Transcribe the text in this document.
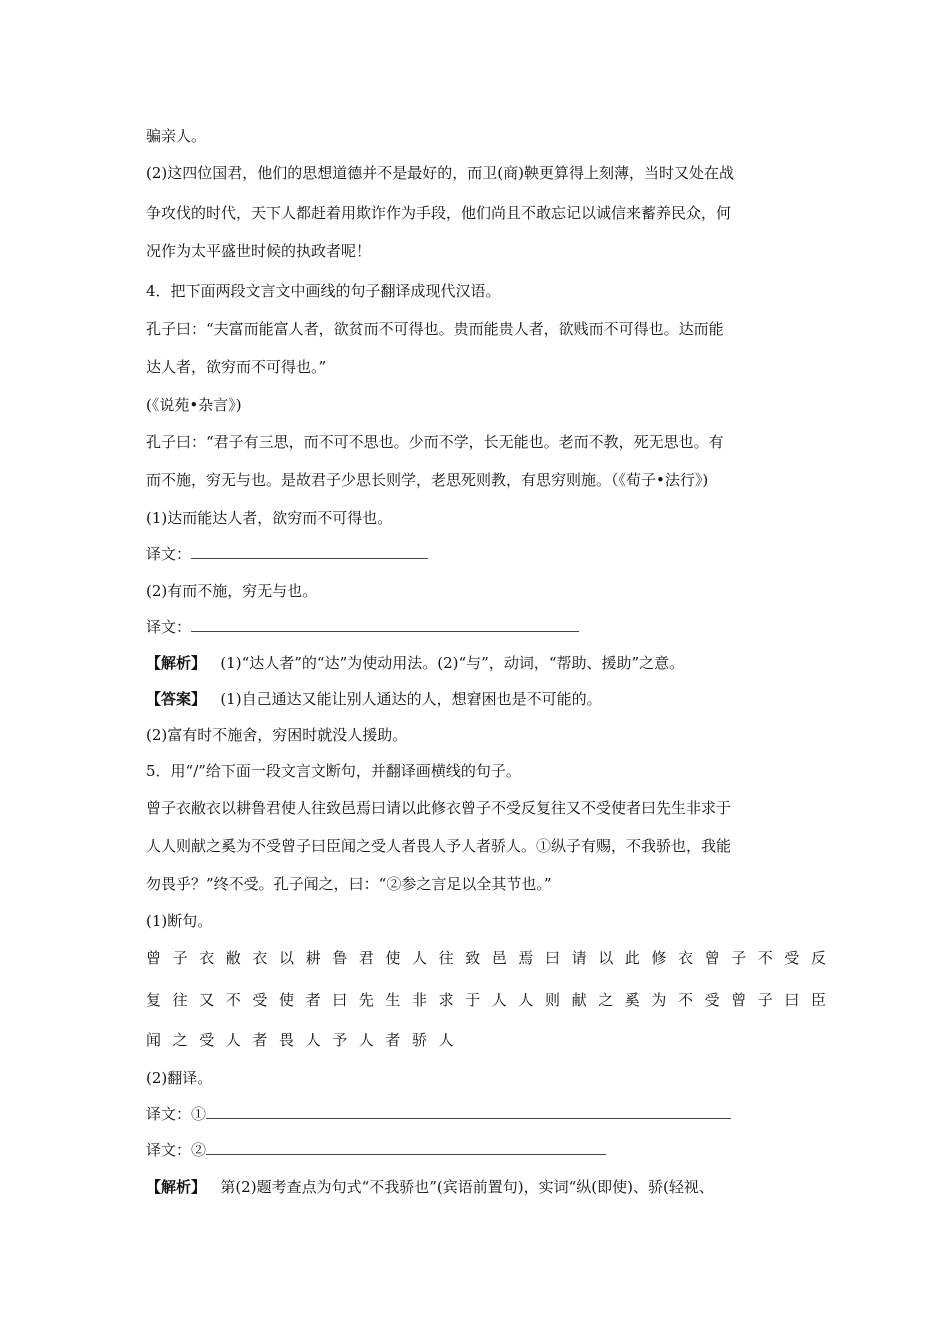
骗亲人。
(2)这四位国君，他们的思想道德并不是最好的，而卫(商)鞅更算得上刻薄，当时又处在战
争攻伐的时代，天下人都赶着用欺诈作为手段，他们尚且不敢忘记以诚信来蓄养民众，何
况作为太平盛世时候的执政者呢！
4．把下面两段文言文中画线的句子翻译成现代汉语。
孔子曰：“夫富而能富人者，欲贫而不可得也。贵而能贵人者，欲贱而不可得也。达而能
达人者，欲穷而不可得也。”
(《说苑•杂言》)
孔子曰：“君子有三思，而不可不思也。少而不学，长无能也。老而不教，死无思也。有
而不施，穷无与也。是故君子少思长则学，老思死则教，有思穷则施。（《荀子•法行》)
(1)达而能达人者，欲穷而不可得也。
译文：
(2)有而不施，穷无与也。
译文：
【解析】 (1)“达人者”的“达”为使动用法。(2)“与”，动词，“帮助、援助”之意。
【答案】 (1)自己通达又能让别人通达的人，想窘困也是不可能的。
(2)富有时不施舍，穷困时就没人援助。
5．用“/”给下面一段文言文断句，并翻译画横线的句子。
曾子衣敝衣以耕鲁君使人往致邑焉曰请以此修衣曾子不受反复往又不受使者曰先生非求于
人人则献之奚为不受曾子曰臣闻之受人者畏人予人者骄人。①纵子有赐，不我骄也，我能
勿畏乎？”终不受。孔子闻之，曰：“②参之言足以全其节也。”
(1)断句。
曾子衣敝衣以耕鲁君使人往致邑焉曰请以此修衣曾子不受反
复往又不受使者曰先生非求于人人则献之奚为不受曾子曰臣
闻之受人者畏人予人者骄人
(2)翻译。
译文：①
译文：②
【解析】 第(2)题考查点为句式“不我骄也”(宾语前置句)，实词“纵(即使)、骄(轻视、
